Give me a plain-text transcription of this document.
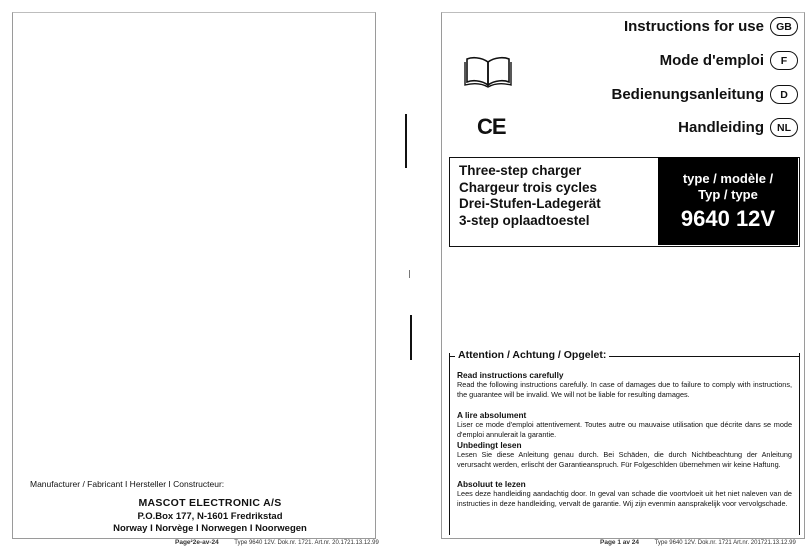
Manufacturer / Fabricant I Hersteller I Constructeur:
MASCOT ELECTRONIC A/S
P.O.Box 177, N-1601 Fredrikstad
Norway I Norvège I Norwegen I Noorwegen
Page²2e-av-24	Type 9640 12V. Dok.nr. 1721. Art.nr. 20.1721.13.12.99
Instructions for use	GB
Mode d'emploi	F
Bedienungsanleitung	D
Handleiding	NL
CE
Three-step charger
Chargeur trois cycles
Drei-Stufen-Ladegerät
3-step oplaadtoestel
type / modèle /
Typ / type
9640 12V
Attention / Achtung / Opgelet:
Read instructions carefully
Read the following instructions carefully. In case of damages due to failure to comply with instructions, the guarantee will be invalid. We will not be liable for resulting damages.
A lire absolument
Liser ce mode d'emploi attentivement. Toutes autre ou mauvaise utilisation que décrite dans se mode d'emploi annulerait la garantie.
Unbedingt lesen
Lesen Sie diese Anleitung genau durch. Bei Schäden, die durch Nichtbeachtung der Anleitung verursacht werden, erlischt der Garantieanspruch. Für Folgeschlden übernehmen wir keine Haftung.
Absoluut te lezen
Lees deze handleiding aandachtig door. In geval van schade die voortvloeit uit het niet naleven van de instructies in deze handleiding, vervalt de garantie. Wij zijn evenmin aansprakelijk voor vervolgschade.
Page 1 av 24	Type 9640 12V. Dok.nr. 1721 Art.nr. 201721.13.12.99
